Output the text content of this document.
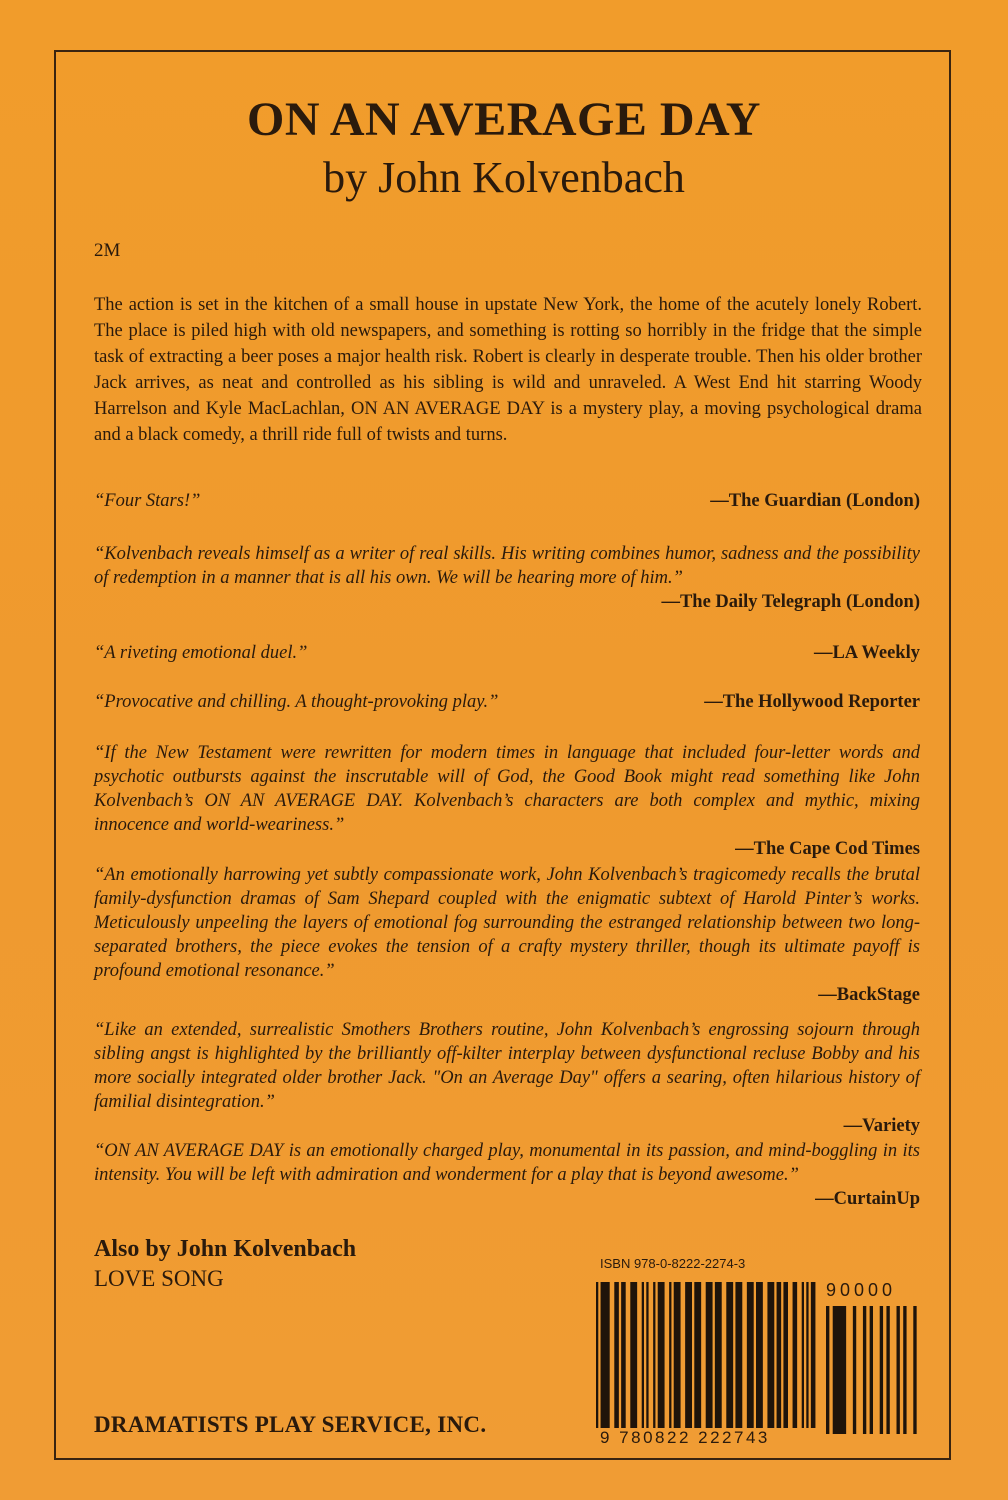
ON AN AVERAGE DAY
by John Kolvenbach
2M

The action is set in the kitchen of a small house in upstate New York, the home of the acutely lonely Robert. The place is piled high with old newspapers, and something is rotting so horribly in the fridge that the simple task of extracting a beer poses a major health risk. Robert is clearly in desperate trouble. Then his older brother Jack arrives, as neat and controlled as his sibling is wild and unraveled. A West End hit starring Woody Harrelson and Kyle MacLachlan, ON AN AVERAGE DAY is a mystery play, a moving psychological drama and a black comedy, a thrill ride full of twists and turns.

—The Guardian (London)
“Four Stars!”
“Kolvenbach reveals himself as a writer of real skills. His writing combines humor, sadness and the possibility of redemption in a manner that is all his own. We will be hearing more of him.”
—The Daily Telegraph (London)
—LA Weekly
“A riveting emotional duel.”
—The Hollywood Reporter
“Provocative and chilling. A thought-provoking play.”
“If the New Testament were rewritten for modern times in language that included four-letter words and psychotic outbursts against the inscrutable will of God, the Good Book might read something like John Kolvenbach’s ON AN AVERAGE DAY. Kolvenbach’s characters are both complex and mythic, mixing innocence and world-weariness.”
—The Cape Cod Times
“An emotionally harrowing yet subtly compassionate work, John Kolvenbach’s tragicomedy recalls the brutal family-dysfunction dramas of Sam Shepard coupled with the enigmatic subtext of Harold Pinter’s works. Meticulously unpeeling the layers of emotional fog surrounding the estranged relationship between two long-separated brothers, the piece evokes the tension of a crafty mystery thriller, though its ultimate payoff is profound emotional resonance.”
—BackStage
“Like an extended, surrealistic Smothers Brothers routine, John Kolvenbach’s engrossing sojourn through sibling angst is highlighted by the brilliantly off-kilter interplay between dysfunctional recluse Bobby and his more socially integrated older brother Jack. "On an Average Day" offers a searing, often hilarious history of familial disintegration.”
—Variety
“ON AN AVERAGE DAY is an emotionally charged play, monumental in its passion, and mind-boggling in its intensity. You will be left with admiration and wonderment for a play that is beyond awesome.”
—CurtainUp
Also by John Kolvenbach
LOVE SONG
DRAMATISTS PLAY SERVICE, INC.
ISBN 978-0-8222-2274-3
90000
9 780822 222743
